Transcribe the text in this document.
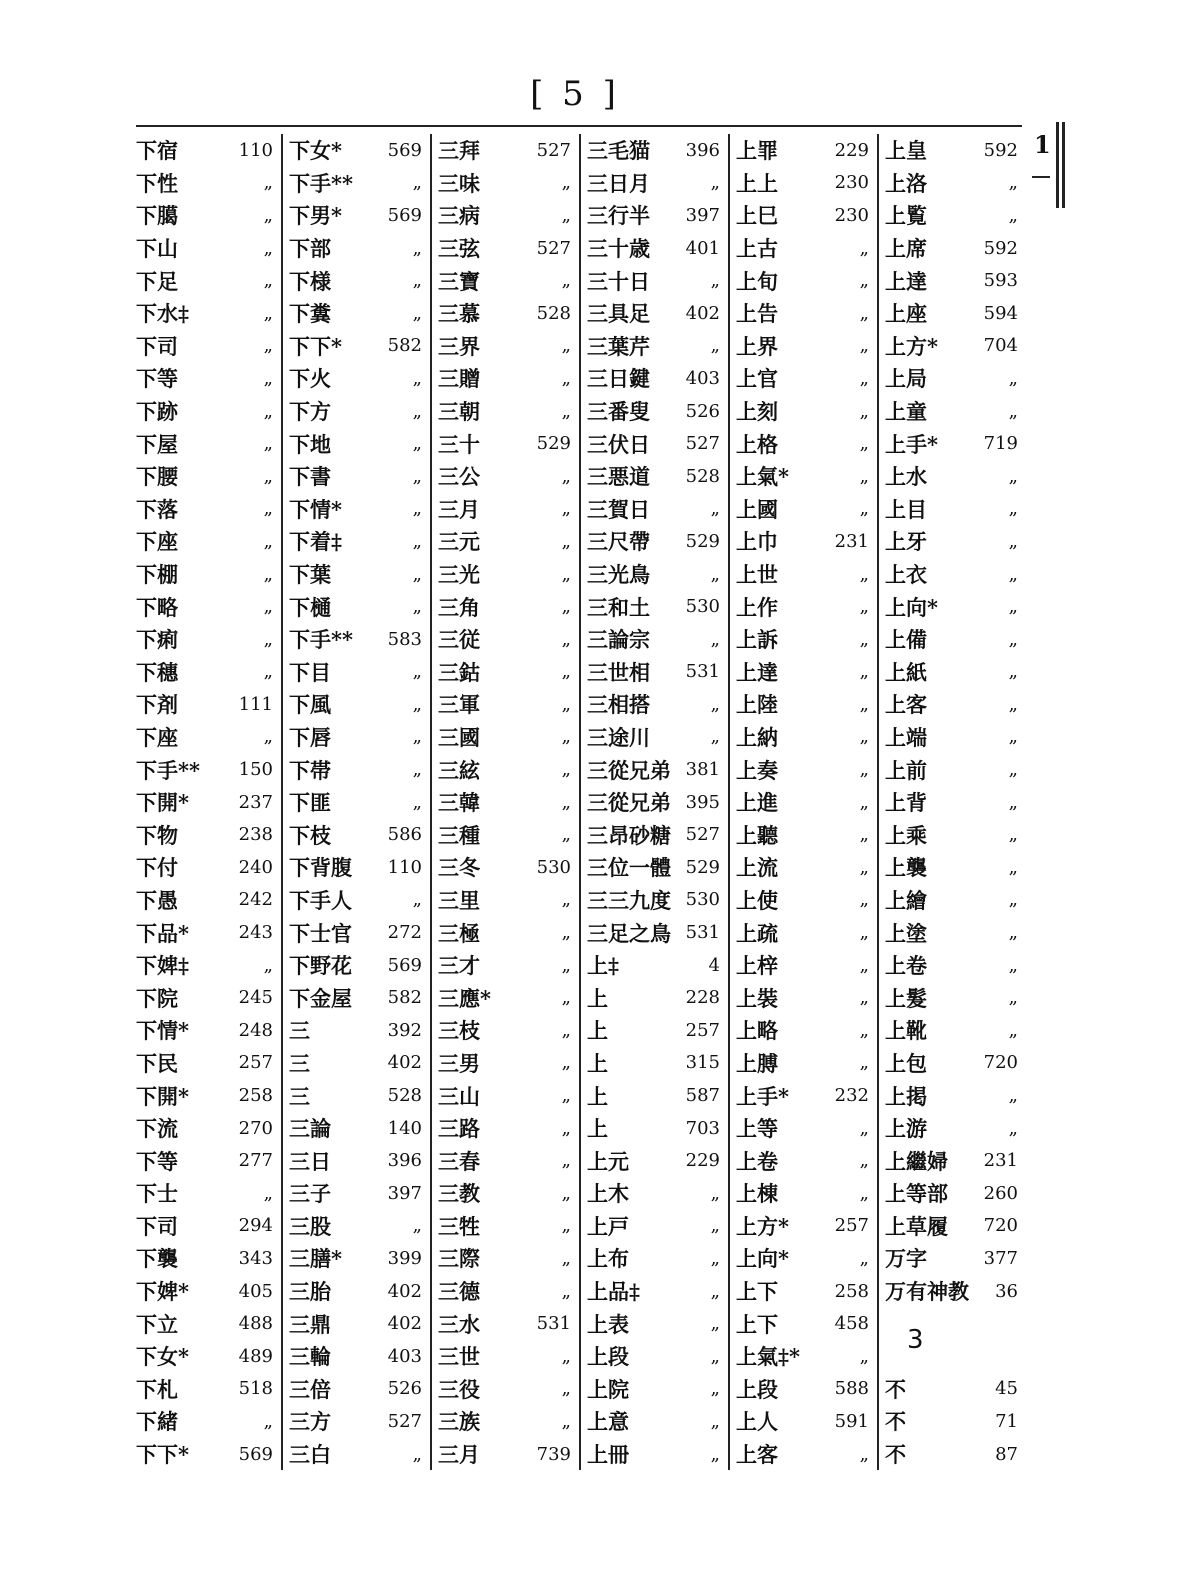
[ 5 ]
1
下宿	110
下性	„
下臈	„
下山	„
下足	„
下水‡	„
下司	„
下等	„
下跡	„
下屋	„
下腰	„
下落	„
下座	„
下棚	„
下略	„
下痢	„
下穗	„
下剤	111
下座	„
下手** 150
下開*	237
下物	238
下付	240
下愚	242
下品*	243
下婢‡	„
下院	245
下情*	248
下民	257
下開*	258
下流	270
下等	277
下士	„
下司	294
下襲	343
下婢*	405
下立	488
下女*	489
下札	518
下緒	„
下下*	569
下女*	569
下手**	„
下男*	569
下部	„
下様	„
下糞	„
下下*	582
下火	„
下方	„
下地	„
下書	„
下情*	„
下着‡	„
下葉	„
下樋	„
下手** 583
下目	„
下風	„
下唇	„
下帯	„
下匪	„
下枝	586
下背腹 110
下手人	„
下士官 272
下野花 569
下金屋 582
三	392
三	402
三	528
三論	140
三日	396
三子	397
三股	„
三膳*	399
三胎	402
三鼎	402
三輪	403
三倍	526
三方	527
三白	„
三拜	527
三味	„
三病	„
三弦	527
三寶	„
三慕	528
三界	„
三贈	„
三朝	„
三十	529
三公	„
三月	„
三元	„
三光	„
三角	„
三従	„
三鈷	„
三軍	„
三國	„
三絃	„
三韓	„
三種	„
三冬	530
三里	„
三極	„
三才	„
三應*	„
三枝	„
三男	„
三山	„
三路	„
三春	„
三教	„
三牲	„
三際	„
三德	„
三水	531
三世	„
三役	„
三族	„
三月	739
三毛猫 396
三日月	„
三行半 397
三十歳 401
三十日	„
三具足 402
三葉芹	„
三日鍵 403
三番叟 526
三伏日 527
三悪道 528
三賀日	„
三尺帶 529
三光鳥	„
三和土 530
三論宗	„
三世相 531
三相搭	„
三途川	„
三從兄弟 381
三從兄弟 395
三昂砂糖 527
三位一體 529
三三九度 530
三足之鳥 531
上‡	4
上	228
上	257
上	315
上	587
上	703
上元	229
上木	„
上戸	„
上布	„
上品‡	„
上表	„
上段	„
上院	„
上意	„
上冊	„
上罪	229
上上	230
上巳	230
上古	„
上旬	„
上告	„
上界	„
上官	„
上刻	„
上格	„
上氣*	„
上國	„
上巾	231
上世	„
上作	„
上訴	„
上達	„
上陸	„
上納	„
上奏	„
上進	„
上聽	„
上流	„
上使	„
上疏	„
上梓	„
上裝	„
上略	„
上膊	„
上手*	232
上等	„
上卷	„
上棟	„
上方*	257
上向*	„
上下	258
上下	458
上氣‡*	„
上段	588
上人	591
上客	„
上皇	592
上洛	„
上覧	„
上席	592
上達	593
上座	594
上方*	704
上局	„
上童	„
上手*	719
上水	„
上目	„
上牙	„
上衣	„
上向*	„
上備	„
上紙	„
上客	„
上端	„
上前	„
上背	„
上乘	„
上襲	„
上繪	„
上塗	„
上卷	„
上髮	„
上靴	„
上包	720
上掲	„
上游	„
上繼婦 231
上等部 260
上草履 720
万字	377
万有神教 36
3
不	45
不	71
不	87
